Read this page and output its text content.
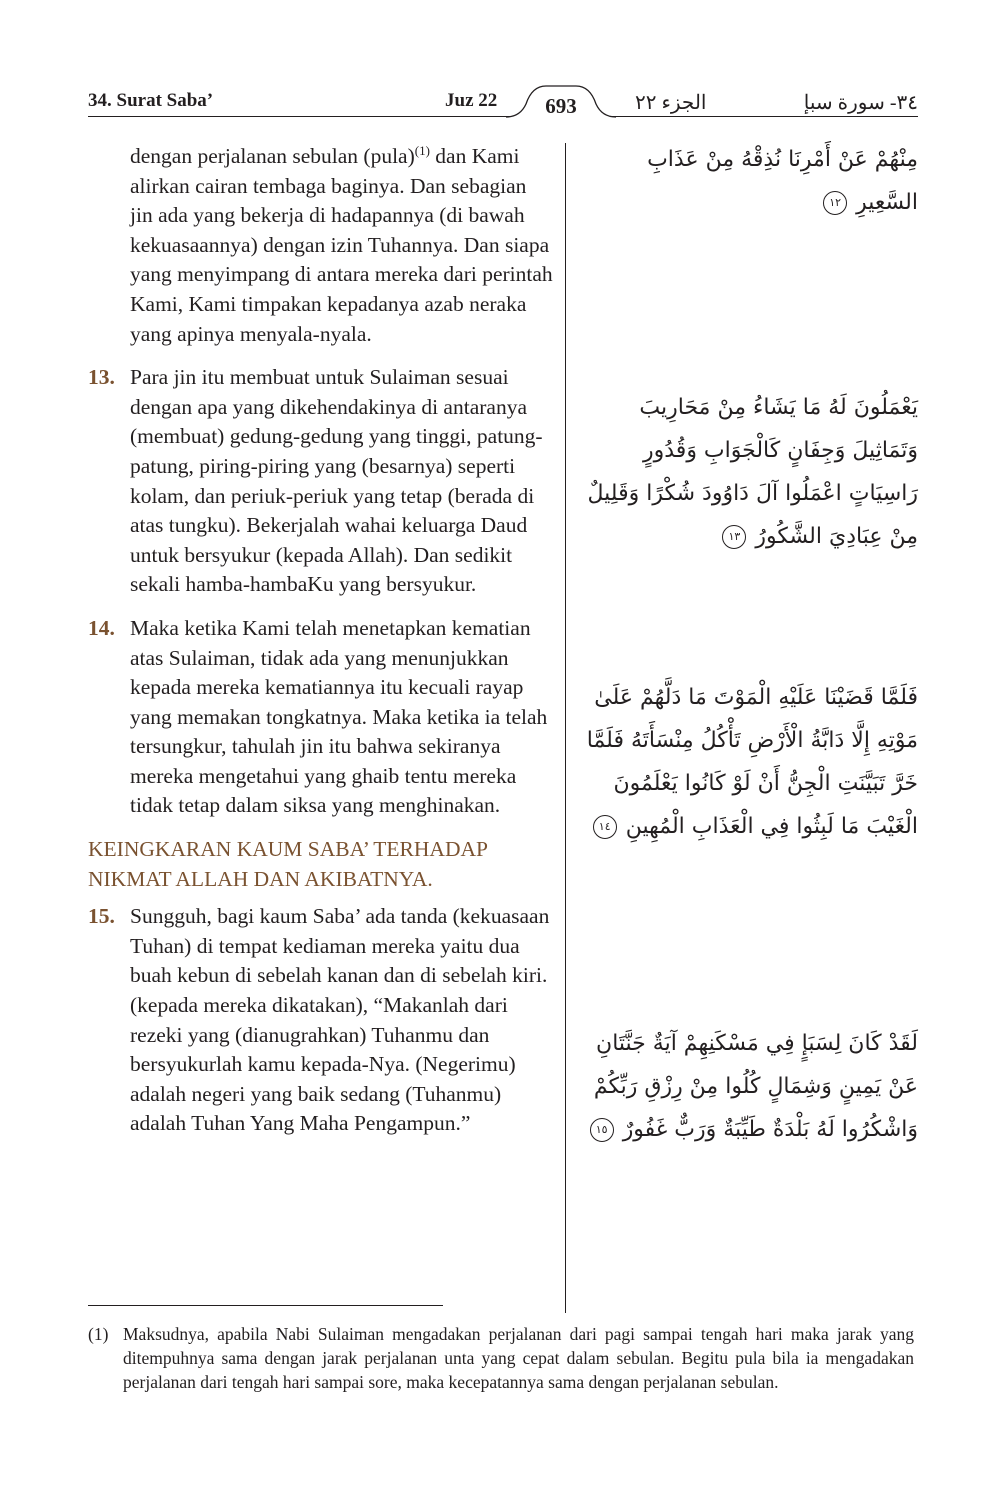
34. Surat Saba’	Juz 22	693	الجزء ٢٢	٣٤- سورة سبإ
dengan perjalanan sebulan (pula)$^{(1)}$ dan Kami alirkan cairan tembaga baginya. Dan sebagian jin ada yang bekerja di hadapannya (di bawah kekuasaannya) dengan izin Tuhannya. Dan siapa yang menyimpang di antara mereka dari perintah Kami, Kami timpakan kepadanya azab neraka yang apinya menyala-nyala.
13. Para jin itu membuat untuk Sulaiman sesuai dengan apa yang dikehendakinya di antaranya (membuat) gedung-gedung yang tinggi, patung-patung, piring-piring yang (besarnya) seperti kolam, dan periuk-periuk yang tetap (berada di atas tungku). Bekerjalah wahai keluarga Daud untuk bersyukur (kepada Allah). Dan sedikit sekali hamba-hambaKu yang bersyukur.
14. Maka ketika Kami telah menetapkan kematian atas Sulaiman, tidak ada yang menunjukkan kepada mereka kematiannya itu kecuali rayap yang memakan tongkatnya. Maka ketika ia telah tersungkur, tahulah jin itu bahwa sekiranya mereka mengetahui yang ghaib tentu mereka tidak tetap dalam siksa yang menghinakan.
KEINGKARAN KAUM SABA’ TERHADAP NIKMAT ALLAH DAN AKIBATNYA.
15. Sungguh, bagi kaum Saba’ ada tanda (kekuasaan Tuhan) di tempat kediaman mereka yaitu dua buah kebun di sebelah kanan dan di sebelah kiri. (kepada mereka dikatakan), “Makanlah dari rezeki yang (dianugrahkan) Tuhanmu dan bersyukurlah kamu kepada-Nya. (Negerimu) adalah negeri yang baik sedang (Tuhanmu) adalah Tuhan Yang Maha Pengampun.”
مِنْهُمْ عَنْ أَمْرِنَا نُذِقْهُ مِنْ عَذَابِ السَّعِيرِ ١٢
يَعْمَلُونَ لَهُ مَا يَشَاءُ مِنْ مَحَارِيبَ وَتَمَاثِيلَ وَجِفَانٍ كَالْجَوَابِ وَقُدُورٍ رَاسِيَاتٍ اعْمَلُوا آلَ دَاوُودَ شُكْرًا وَقَلِيلٌ مِنْ عِبَادِيَ الشَّكُورُ ١٣
فَلَمَّا قَضَيْنَا عَلَيْهِ الْمَوْتَ مَا دَلَّهُمْ عَلَىٰ مَوْتِهِ إِلَّا دَابَّةُ الْأَرْضِ تَأْكُلُ مِنْسَأَتَهُ فَلَمَّا خَرَّ تَبَيَّنَتِ الْجِنُّ أَنْ لَوْ كَانُوا يَعْلَمُونَ الْغَيْبَ مَا لَبِثُوا فِي الْعَذَابِ الْمُهِينِ ١٤
لَقَدْ كَانَ لِسَبَإٍ فِي مَسْكَنِهِمْ آيَةٌ جَنَّتَانِ عَنْ يَمِينٍ وَشِمَالٍ كُلُوا مِنْ رِزْقِ رَبِّكُمْ وَاشْكُرُوا لَهُ بَلْدَةٌ طَيِّبَةٌ وَرَبٌّ غَفُورٌ ١٥
(1) Maksudnya, apabila Nabi Sulaiman mengadakan perjalanan dari pagi sampai tengah hari maka jarak yang ditempuhnya sama dengan jarak perjalanan unta yang cepat dalam sebulan. Begitu pula bila ia mengadakan perjalanan dari tengah hari sampai sore, maka kecepatannya sama dengan perjalanan sebulan.
